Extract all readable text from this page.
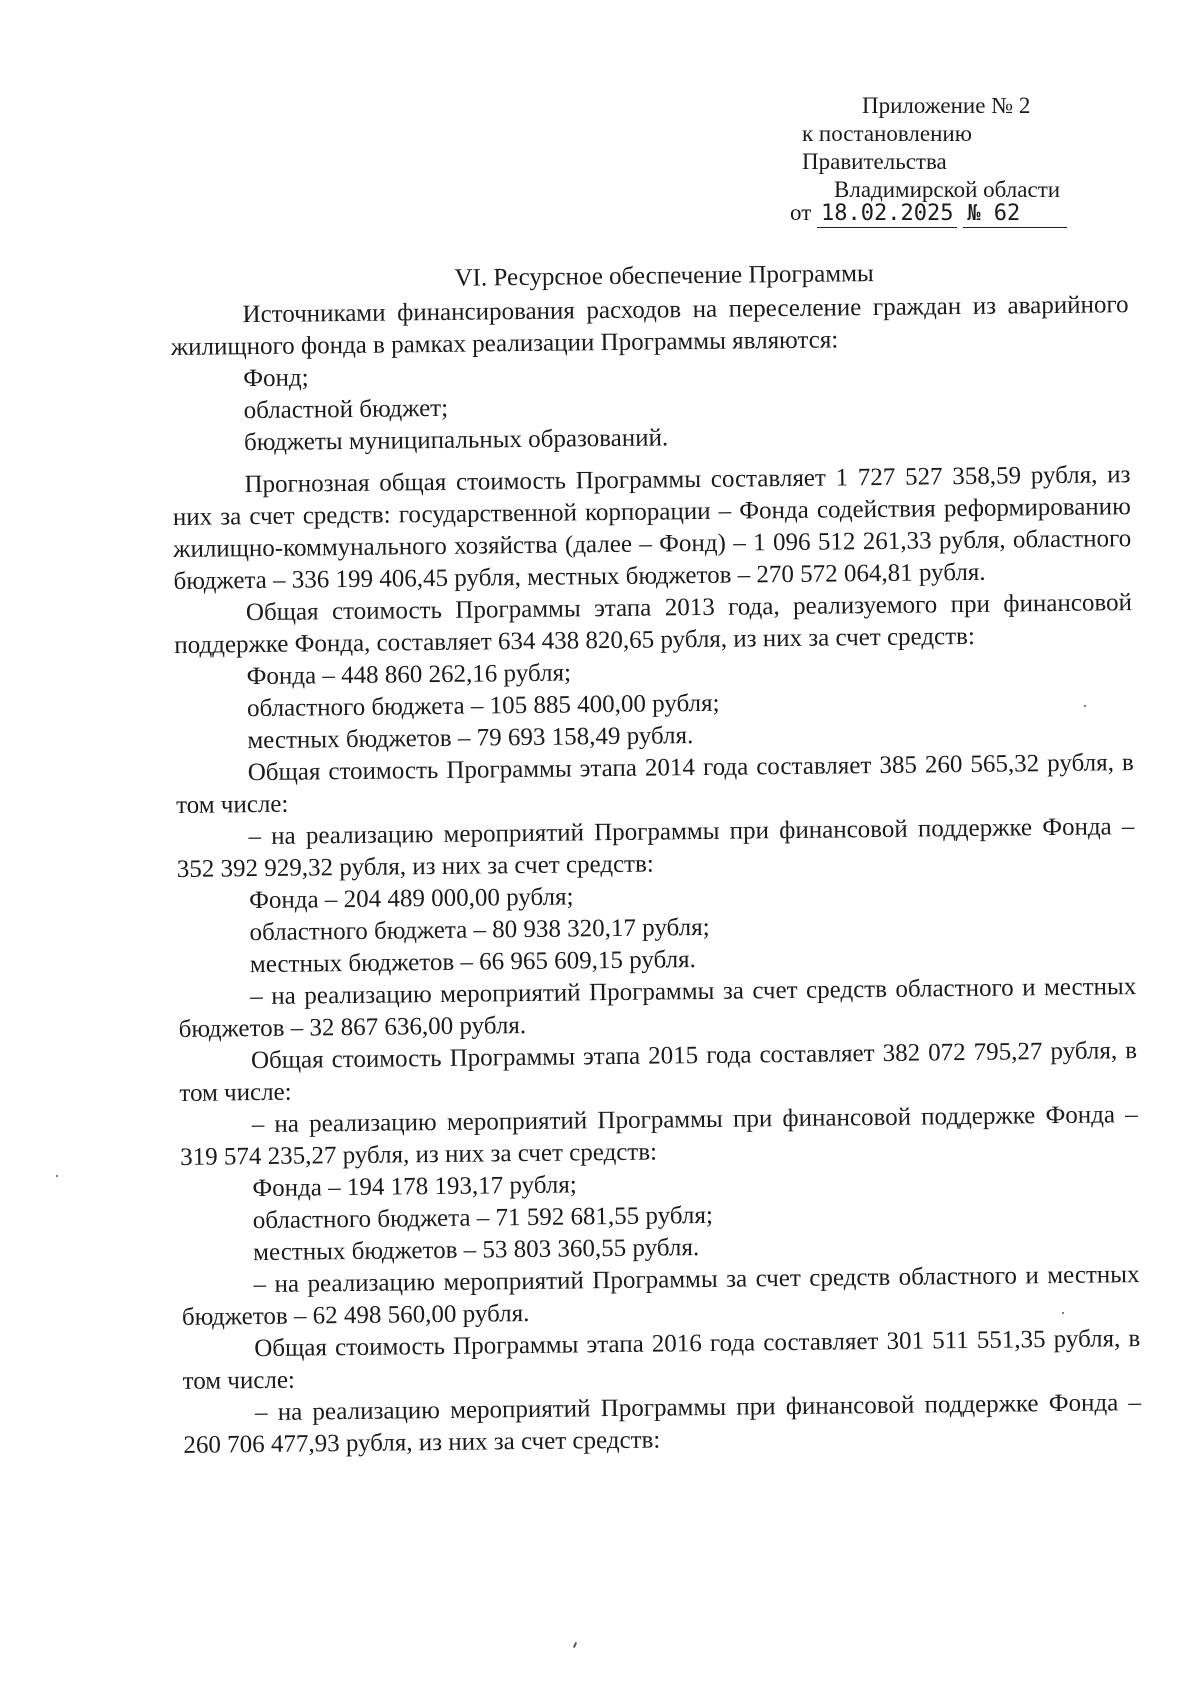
Приложение № 2
к постановлению Правительства
Владимирской области
от 18.02.2025 № 62
VI. Ресурсное обеспечение Программы

Источниками финансирования расходов на переселение граждан из аварийного жилищного фонда в рамках реализации Программы являются:

Фонд;

областной бюджет;

бюджеты муниципальных образований.

Прогнозная общая стоимость Программы составляет 1 727 527 358,59 рубля, из них за счет средств: государственной корпорации – Фонда содействия реформированию жилищно-коммунального хозяйства (далее – Фонд) – 1 096 512 261,33 рубля, областного бюджета – 336 199 406,45 рубля, местных бюджетов – 270 572 064,81 рубля.

Общая стоимость Программы этапа 2013 года, реализуемого при финансовой поддержке Фонда, составляет 634 438 820,65 рубля, из них за счет средств:

Фонда – 448 860 262,16 рубля;

областного бюджета – 105 885 400,00 рубля;

местных бюджетов – 79 693 158,49 рубля.

Общая стоимость Программы этапа 2014 года составляет 385 260 565,32 рубля, в том числе:

– на реализацию мероприятий Программы при финансовой поддержке Фонда – 352 392 929,32 рубля, из них за счет средств:

Фонда – 204 489 000,00 рубля;

областного бюджета – 80 938 320,17 рубля;

местных бюджетов – 66 965 609,15 рубля.

– на реализацию мероприятий Программы за счет средств областного и местных бюджетов – 32 867 636,00 рубля.

Общая стоимость Программы этапа 2015 года составляет 382 072 795,27 рубля, в том числе:

– на реализацию мероприятий Программы при финансовой поддержке Фонда – 319 574 235,27 рубля, из них за счет средств:

Фонда – 194 178 193,17 рубля;

областного бюджета – 71 592 681,55 рубля;

местных бюджетов – 53 803 360,55 рубля.

– на реализацию мероприятий Программы за счет средств областного и местных бюджетов – 62 498 560,00 рубля.

Общая стоимость Программы этапа 2016 года составляет 301 511 551,35 рубля, в том числе:

– на реализацию мероприятий Программы при финансовой поддержке Фонда – 260 706 477,93 рубля, из них за счет средств:
